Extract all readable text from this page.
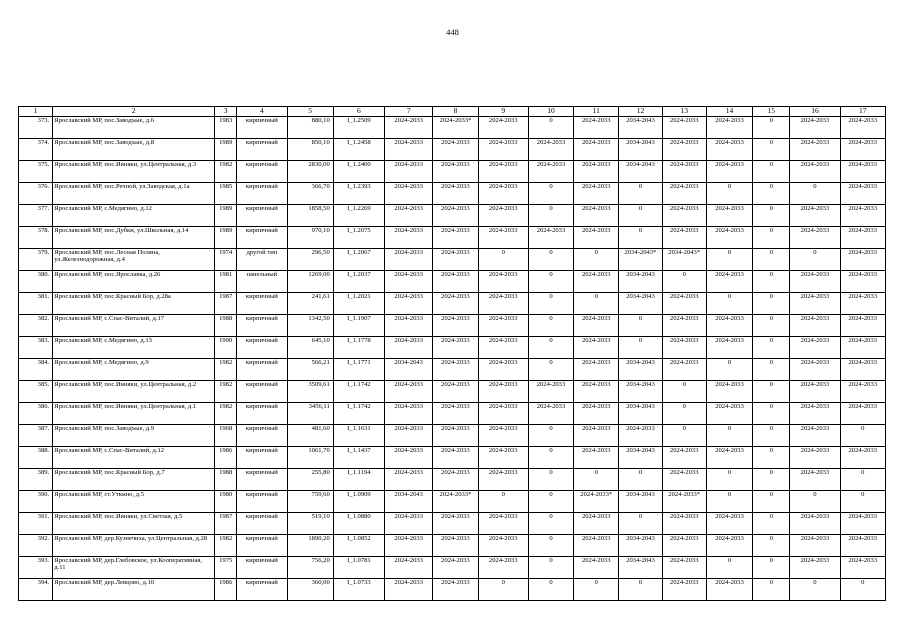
448
1	2	3	4	5	6	7	8	9	10	11	12	13	14	15	16	17
373.	Ярославский МР, пос.Заводъые, д.6	1983	кирпичный	880,10	I_1.2509	2024-2033	2024-2033*	2024-2033	0	2024-2033	2034-2043	2024-2033	2024-2033	0	2024-2033	2024-2033
374.	Ярославский МР, пос.Заводъые, д.8	1989	кирпичный	850,10	I_1.2458	2024-2033	2024-2033	2024-2033	2024-2033	2024-2033	2034-2043	2024-2033	2024-2033	0	2024-2033	2024-2033
375.	Ярославский МР, пос.Ивняки, ул.Центральная, д.3	1982	кирпичный	2830,00	I_1.2400	2024-2033	2024-2033	2024-2033	2024-2033	2024-2033	2034-2043	2024-2033	2024-2033	0	2024-2033	2024-2033
376.	Ярославский МР, пос.Речной, ул.Заводская, д.1а	1985	кирпичный	366,70	I_1.2393	2024-2033	2024-2033	2024-2033	0	2024-2033	0	2024-2033	0	0	0	2024-2033
377.	Ярославский МР, с.Медягино, д.12	1989	кирпичный	1858,50	I_1.2269	2024-2033	2024-2033	2024-2033	0	2024-2033	0	2024-2033	2024-2033	0	2024-2033	2024-2033
378.	Ярославский МР, пос.Дубки, ул.Школьная, д.14	1989	кирпичный	970,10	I_1.2075	2024-2033	2024-2033	2024-2033	2024-2033	2024-2033	0	2024-2033	2024-2033	0	2024-2033	2024-2033
379.	Ярославский МР, пос.Лесная Поляна, ул.Железнодорожная, д.4	1974	другой тип	296,50	I_1.2067	2024-2033	2024-2033	0	0	0	2034-2043*	2034-2043*	0	0	0	2024-2033
380.	Ярославский МР, пос.Ярославка, д.26	1981	панельный	1269,00	I_1.2037	2024-2033	2024-2033	2024-2033	0	2024-2033	2034-2043	0	2024-2033	0	2024-2033	2024-2033
381.	Ярославский МР, пос.Красный Бор, д.28а	1987	кирпичный	241,61	I_1.2021	2024-2033	2024-2033	2024-2033	0	0	2034-2043	2024-2033	0	0	2024-2033	2024-2033
382.	Ярославский МР, с.Спас-Виталий, д.17	1988	кирпичный	1342,50	I_1.1907	2024-2033	2024-2033	2024-2033	0	2024-2033	0	2024-2033	2024-2033	0	2024-2033	2024-2033
383.	Ярославский МР, с.Медягино, д.13	1990	кирпичный	645,10	I_1.1778	2024-2033	2024-2033	2024-2033	0	2024-2033	0	2024-2033	2024-2033	0	2024-2033	2024-2033
384.	Ярославский МР, с.Медягино, д.9	1982	кирпичный	566,21	I_1.1771	2034-2043	2024-2033	2024-2033	0	2024-2033	2034-2043	2024-2033	0	0	2024-2033	2024-2033
385.	Ярославский МР, пос.Ивняки, ул.Центральная, д.2	1982	кирпичный	3509,61	I_1.1742	2024-2033	2024-2033	2024-2033	2024-2033	2024-2033	2034-2043	0	2024-2033	0	2024-2033	2024-2033
386.	Ярославский МР, пос.Ивняки, ул.Центральная, д.1	1982	кирпичный	3456,11	I_1.1742	2024-2033	2024-2033	2024-2033	2024-2033	2024-2033	2034-2043	0	2024-2033	0	2024-2033	2024-2033
387.	Ярославский МР, пос.Заводъые, д.9	1968	кирпичный	481,60	I_1.1631	2024-2033	2024-2033	2024-2033	0	2024-2033	2024-2033	0	0	0	2024-2033	0
388.	Ярославский МР, с.Спас-Виталий, д.12	1986	кирпичный	1061,70	I_1.1437	2024-2033	2024-2033	2024-2033	0	2024-2033	2034-2043	2024-2033	2024-2033	0	2024-2033	2024-2033
389.	Ярославский МР, пос.Красный Бор, д.7	1988	кирпичный	255,80	I_1.1194	2024-2033	2024-2033	2024-2033	0	0	0	2024-2033	0	0	2024-2033	0
390.	Ярославский МР, ст.Уткино, д.5	1980	кирпичный	759,60	I_1.0909	2034-2043	2024-2033*	0	0	2024-2033*	2034-2043	2024-2033*	0	0	0	0
391.	Ярославский МР, пос.Ивняки, ул.Светлая, д.5	1987	кирпичный	519,10	I_1.0880	2024-2033	2024-2033	2024-2033	0	2024-2033	0	2024-2033	2024-2033	0	2024-2033	2024-2033
392.	Ярославский МР, дер.Кузнечиха, ул.Центральная, д.28	1982	кирпичный	1890,20	I_1.0852	2024-2033	2024-2033	2024-2033	0	2024-2033	2034-2043	2024-2033	2024-2033	0	2024-2033	2024-2033
393.	Ярославский МР, дер.Глебовское, ул.Кооперативная, д.11	1975	кирпичный	756,20	I_1.0781	2024-2033	2024-2033	2024-2033	0	2024-2033	2034-2043	2024-2033	0	0	2024-2033	2024-2033
394.	Ярославский МР, дер.Левцово, д.10	1986	кирпичный	360,00	I_1.0733	2024-2033	2024-2033	0	0	0	0	2024-2033	2024-2033	0	0	0
